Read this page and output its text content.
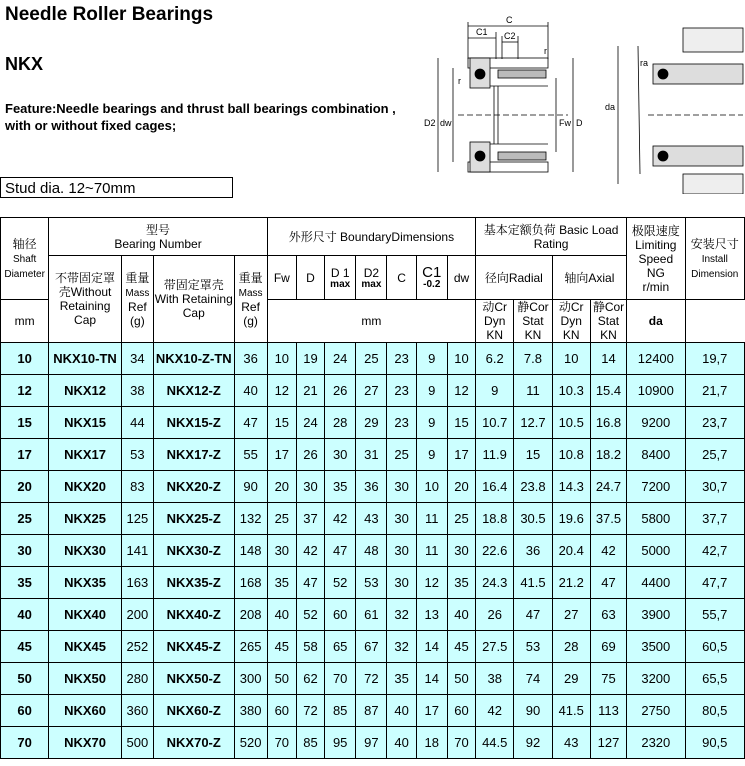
Needle Roller Bearings
NKX
Feature:Needle bearings and thrust ball bearings combination ,
with or without fixed cages;
Stud dia. 12~70mm
C
C1 C2
r
r
D2 dw	Fw D
ra
da
轴径
Shaft Diameter	型号
Bearing Number				外形尺寸 BoundaryDimensions							基本定额负荷 Basic Load Rating				极限速度
Limiting Speed
NG
r/min	安装尺寸
Install Dimension
	不带固定罩壳Without Retaining Cap	重量
Mass
Ref (g)	带固定罩壳 With Retaining Cap	重量
Mass
Ref (g)	Fw	D	D 1
max	D2
max	C	C1
-0.2	dw	径向Radial		轴向Axial			
mm					mm							动Cr Dyn KN	静Cor Stat KN	动Cr Dyn KN	静Cor Stat KN	da	
10	NKX10-TN	34	NKX10-Z-TN	36	10	19	24	25	23	9	10	6.2	7.8	10	14	12400	19,7
12	NKX12	38	NKX12-Z	40	12	21	26	27	23	9	12	9	11	10.3	15.4	10900	21,7
15	NKX15	44	NKX15-Z	47	15	24	28	29	23	9	15	10.7	12.7	10.5	16.8	9200	23,7
17	NKX17	53	NKX17-Z	55	17	26	30	31	25	9	17	11.9	15	10.8	18.2	8400	25,7
20	NKX20	83	NKX20-Z	90	20	30	35	36	30	10	20	16.4	23.8	14.3	24.7	7200	30,7
25	NKX25	125	NKX25-Z	132	25	37	42	43	30	11	25	18.8	30.5	19.6	37.5	5800	37,7
30	NKX30	141	NKX30-Z	148	30	42	47	48	30	11	30	22.6	36	20.4	42	5000	42,7
35	NKX35	163	NKX35-Z	168	35	47	52	53	30	12	35	24.3	41.5	21.2	47	4400	47,7
40	NKX40	200	NKX40-Z	208	40	52	60	61	32	13	40	26	47	27	63	3900	55,7
45	NKX45	252	NKX45-Z	265	45	58	65	67	32	14	45	27.5	53	28	69	3500	60,5
50	NKX50	280	NKX50-Z	300	50	62	70	72	35	14	50	38	74	29	75	3200	65,5
60	NKX60	360	NKX60-Z	380	60	72	85	87	40	17	60	42	90	41.5	113	2750	80,5
70	NKX70	500	NKX70-Z	520	70	85	95	97	40	18	70	44.5	92	43	127	2320	90,5
